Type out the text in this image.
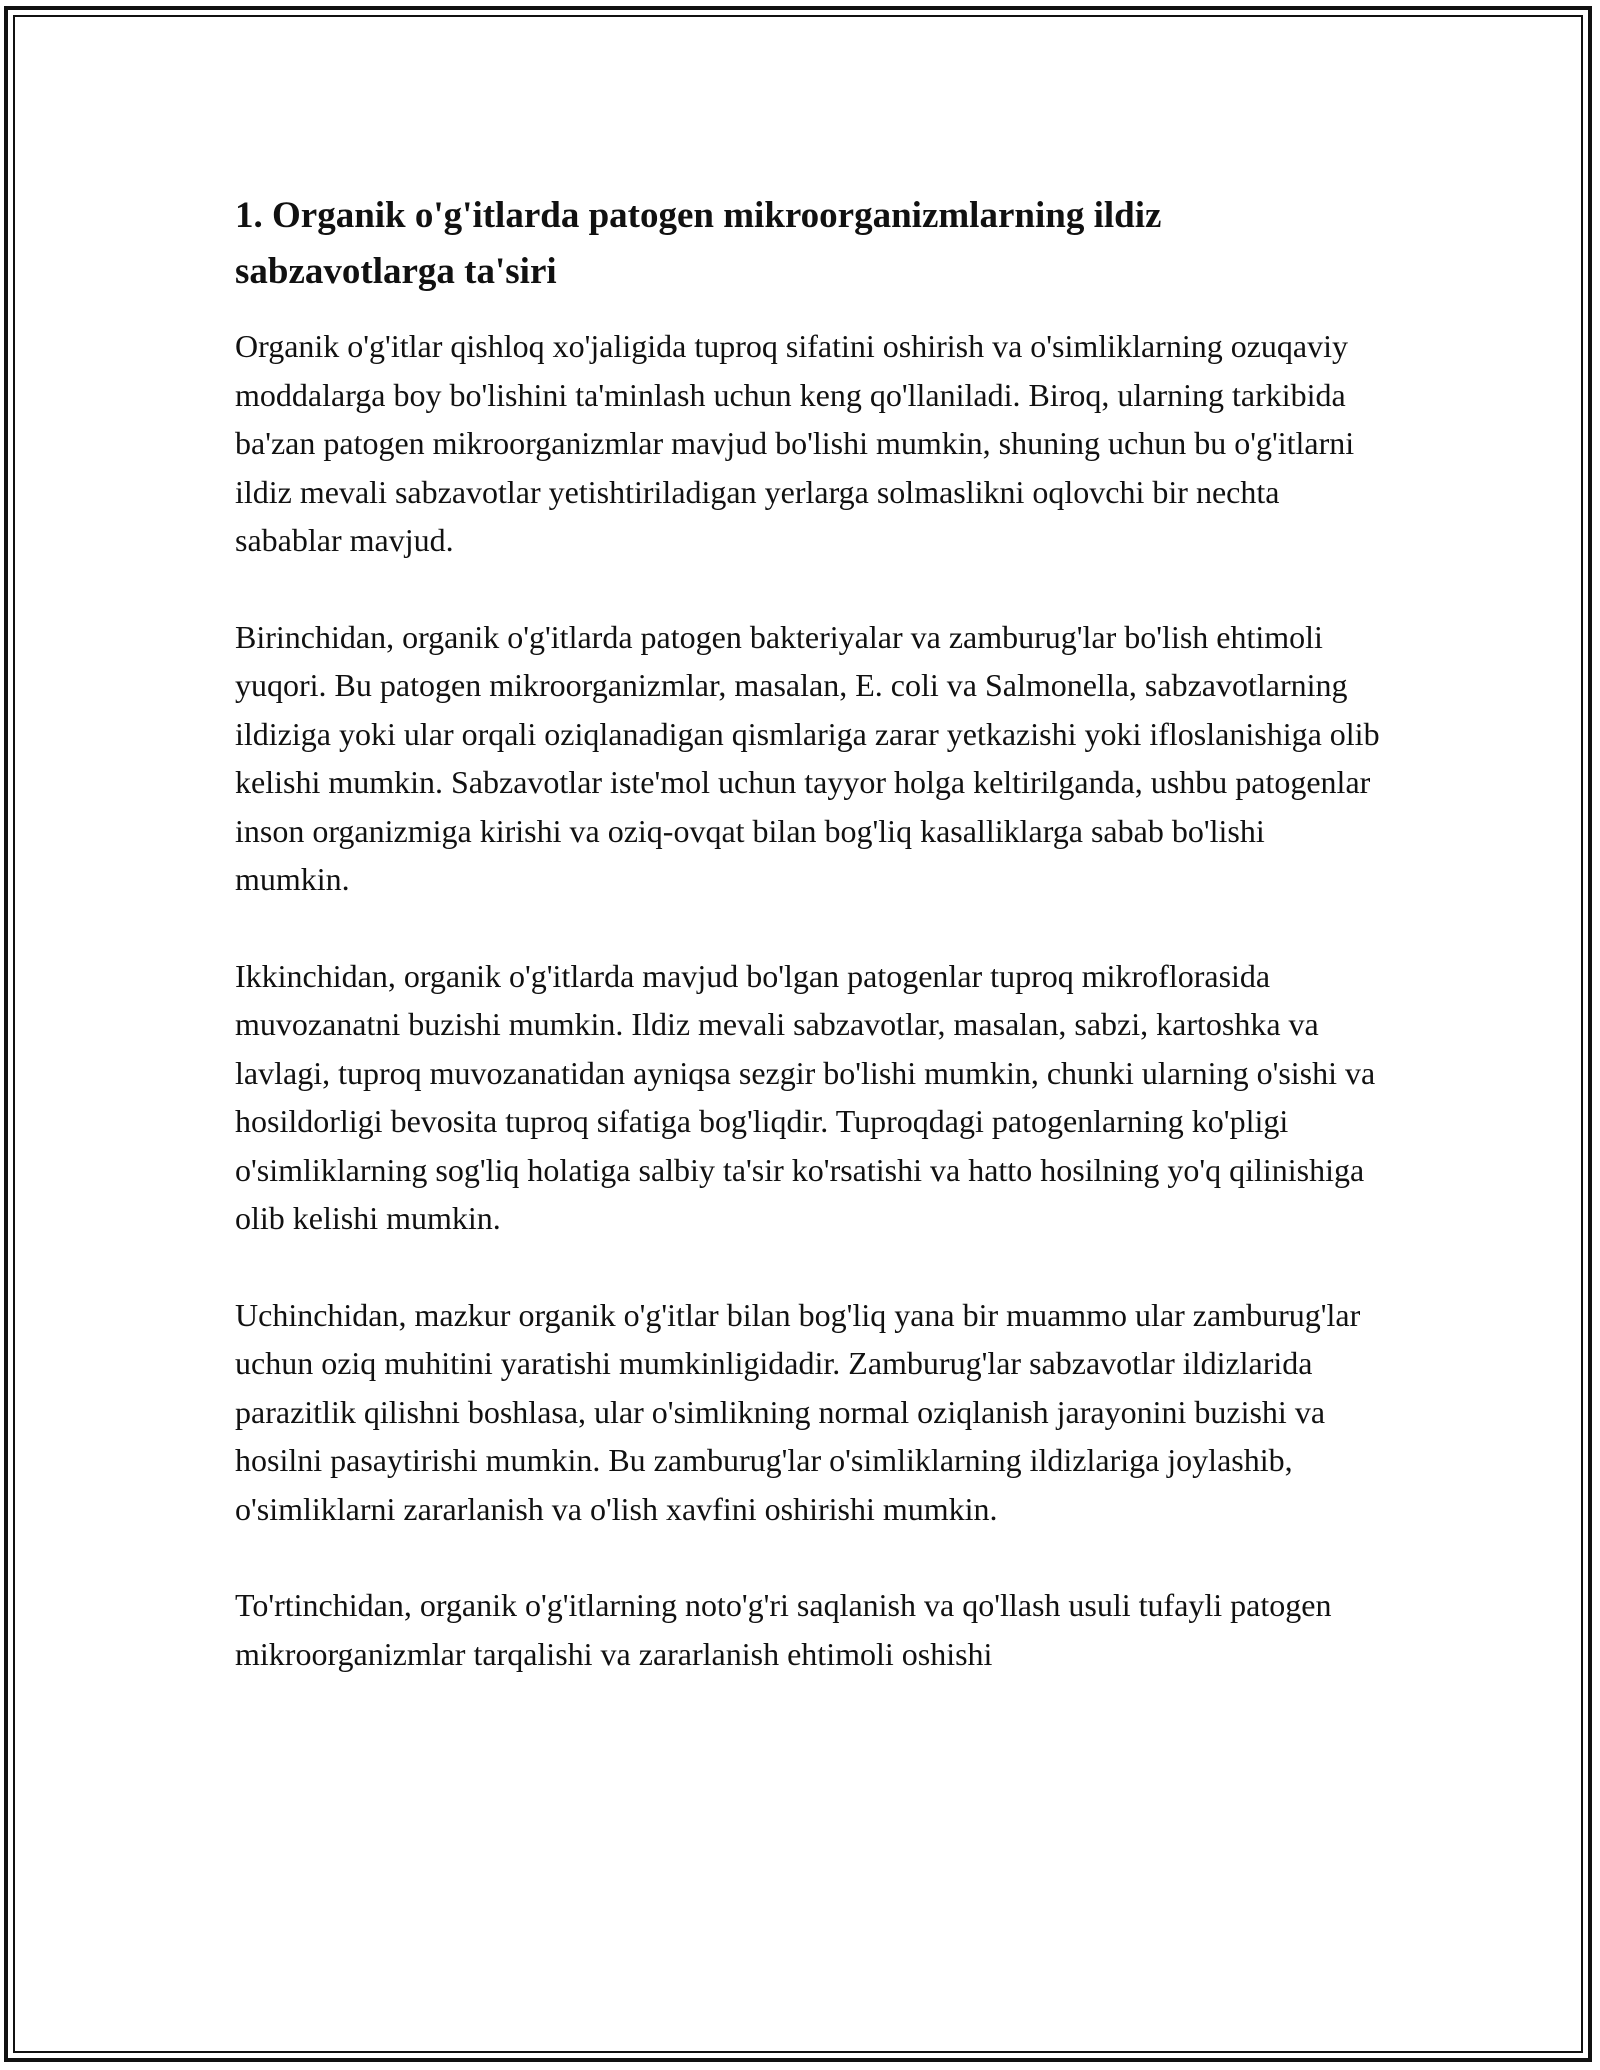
1. Organik o'g'itlarda patogen mikroorganizmlarning ildiz sabzavotlarga ta'siri

Organik o'g'itlar qishloq xo'jaligida tuproq sifatini oshirish va o'simliklarning ozuqaviy moddalarga boy bo'lishini ta'minlash uchun keng qo'llaniladi. Biroq, ularning tarkibida ba'zan patogen mikroorganizmlar mavjud bo'lishi mumkin, shuning uchun bu o'g'itlarni ildiz mevali sabzavotlar yetishtiriladigan yerlarga solmaslikni oqlovchi bir nechta sabablar mavjud.

Birinchidan, organik o'g'itlarda patogen bakteriyalar va zamburug'lar bo'lish ehtimoli yuqori. Bu patogen mikroorganizmlar, masalan, E. coli va Salmonella, sabzavotlarning ildiziga yoki ular orqali oziqlanadigan qismlariga zarar yetkazishi yoki ifloslanishiga olib kelishi mumkin. Sabzavotlar iste'mol uchun tayyor holga keltirilganda, ushbu patogenlar inson organizmiga kirishi va oziq-ovqat bilan bog'liq kasalliklarga sabab bo'lishi mumkin.

Ikkinchidan, organik o'g'itlarda mavjud bo'lgan patogenlar tuproq mikroflorasida muvozanatni buzishi mumkin. Ildiz mevali sabzavotlar, masalan, sabzi, kartoshka va lavlagi, tuproq muvozanatidan ayniqsa sezgir bo'lishi mumkin, chunki ularning o'sishi va hosildorligi bevosita tuproq sifatiga bog'liqdir. Tuproqdagi patogenlarning ko'pligi o'simliklarning sog'liq holatiga salbiy ta'sir ko'rsatishi va hatto hosilning yo'q qilinishiga olib kelishi mumkin.

Uchinchidan, mazkur organik o'g'itlar bilan bog'liq yana bir muammo ular zamburug'lar uchun oziq muhitini yaratishi mumkinligidadir. Zamburug'lar sabzavotlar ildizlarida parazitlik qilishni boshlasa, ular o'simlikning normal oziqlanish jarayonini buzishi va hosilni pasaytirishi mumkin. Bu zamburug'lar o'simliklarning ildizlariga joylashib, o'simliklarni zararlanish va o'lish xavfini oshirishi mumkin.

To'rtinchidan, organik o'g'itlarning noto'g'ri saqlanish va qo'llash usuli tufayli patogen mikroorganizmlar tarqalishi va zararlanish ehtimoli oshishi
